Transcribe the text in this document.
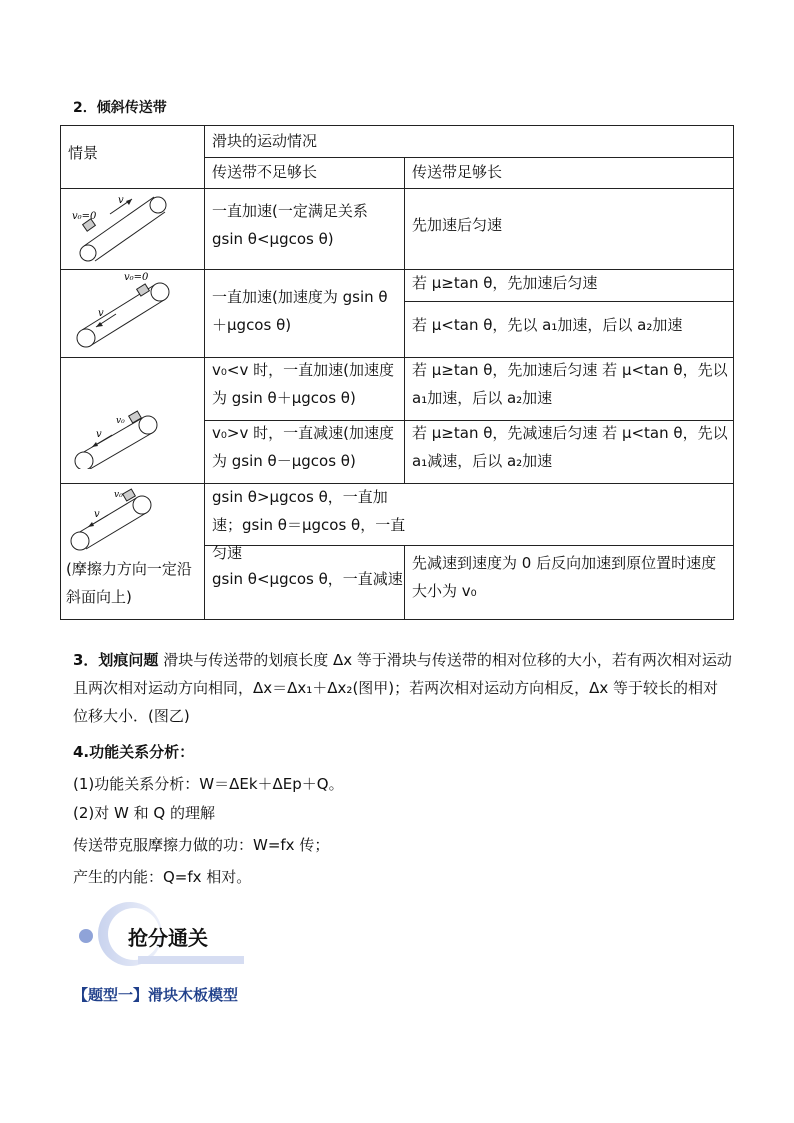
2．倾斜传送带
情景
滑块的运动情况
传送带不足够长	传送带足够长
v₀=0
v
一直加速(一定满足关系 gsin θ<μgcos θ)
先加速后匀速
v₀=0
v
一直加速(加速度为 gsin θ＋μgcos θ)
若 μ≥tan θ，先加速后匀速
若 μ<tan θ，先以 a₁加速，后以 a₂加速
v₀
v
v₀<v 时，一直加速(加速度为 gsin θ＋μgcos θ)
若 μ≥tan θ，先加速后匀速 若 μ<tan θ，先以 a₁加速，后以 a₂加速
v₀>v 时，一直减速(加速度为 gsin θ－μgcos θ)
若 μ≥tan θ，先减速后匀速 若 μ<tan θ，先以 a₁减速，后以 a₂加速
v₀
v
(摩擦力方向一定沿斜面向上)
gsin θ>μgcos θ，一直加速；gsin θ＝μgcos θ，一直匀速
gsin θ<μgcos θ，一直减速
先减速到速度为 0 后反向加速到原位置时速度大小为 v₀
3．划痕问题 滑块与传送带的划痕长度 Δx 等于滑块与传送带的相对位移的大小，若有两次相对运动且两次相对运动方向相同，Δx＝Δx₁＋Δx₂(图甲)；若两次相对运动方向相反，Δx 等于较长的相对位移大小．(图乙)
4.功能关系分析：
(1)功能关系分析：W＝ΔEk＋ΔEp＋Q。
(2)对 W 和 Q 的理解
传送带克服摩擦力做的功：W=fx 传；
产生的内能：Q=fx 相对。
抢分通关
【题型一】滑块木板模型
